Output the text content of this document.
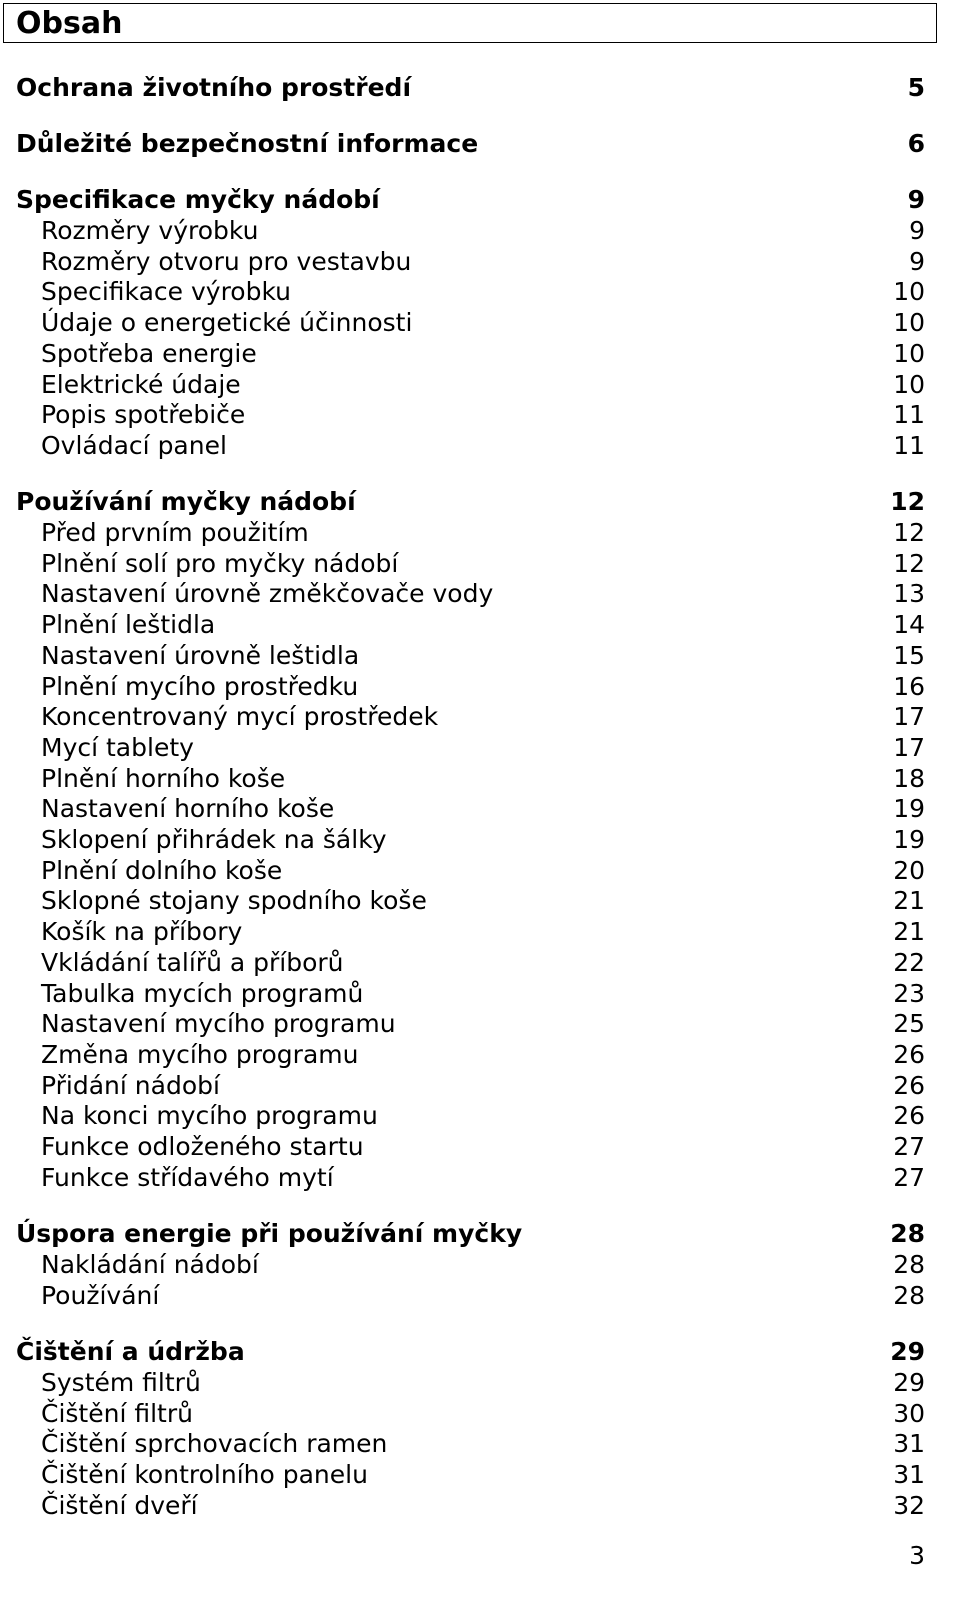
Obsah
Ochrana životního prostředí	5
Důležité bezpečnostní informace	6
Specifikace myčky nádobí	9
Rozměry výrobku	9
Rozměry otvoru pro vestavbu	9
Specifikace výrobku	10
Údaje o energetické účinnosti	10
Spotřeba energie	10
Elektrické údaje	10
Popis spotřebiče	11
Ovládací panel	11
Používání myčky nádobí	12
Před prvním použitím	12
Plnění solí pro myčky nádobí	12
Nastavení úrovně změkčovače vody	13
Plnění leštidla	14
Nastavení úrovně leštidla	15
Plnění mycího prostředku	16
Koncentrovaný mycí prostředek	17
Mycí tablety	17
Plnění horního koše	18
Nastavení horního koše	19
Sklopení přihrádek na šálky	19
Plnění dolního koše	20
Sklopné stojany spodního koše	21
Košík na příbory	21
Vkládání talířů a příborů	22
Tabulka mycích programů	23
Nastavení mycího programu	25
Změna mycího programu	26
Přidání nádobí	26
Na konci mycího programu	26
Funkce odloženého startu	27
Funkce střídavého mytí	27
Úspora energie při používání myčky	28
Nakládání nádobí	28
Používání	28
Čištění a údržba	29
Systém filtrů	29
Čištění filtrů	30
Čištění sprchovacích ramen	31
Čištění kontrolního panelu	31
Čištění dveří	32
3
